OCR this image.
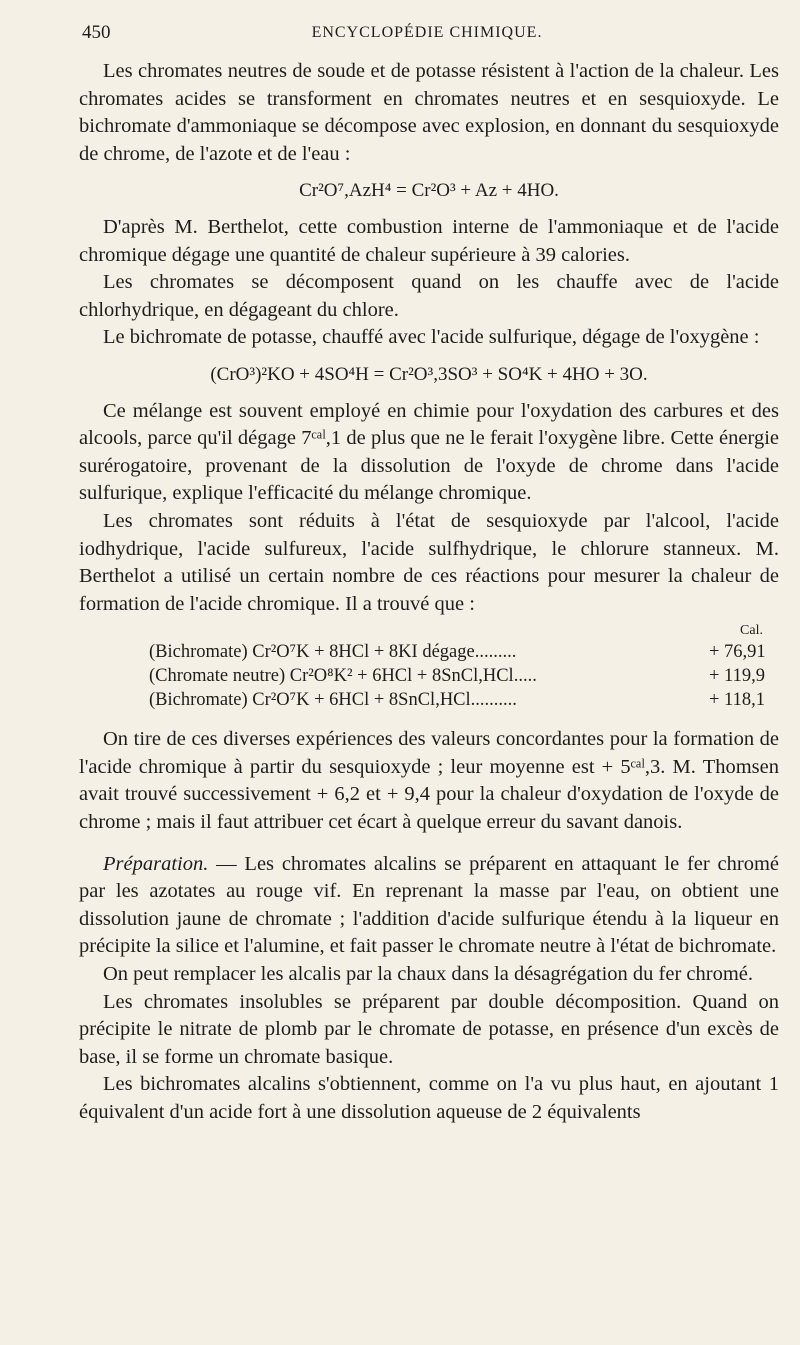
450	ENCYCLOPÉDIE CHIMIQUE.

Les chromates neutres de soude et de potasse résistent à l'action de la chaleur. Les chromates acides se transforment en chromates neutres et en sesquioxyde. Le bichromate d'ammoniaque se décompose avec explosion, en donnant du sesquioxyde de chrome, de l'azote et de l'eau :

Cr²O⁷,AzH⁴ = Cr²O³ + Az + 4HO.

D'après M. Berthelot, cette combustion interne de l'ammoniaque et de l'acide chromique dégage une quantité de chaleur supérieure à 39 calories.

Les chromates se décomposent quand on les chauffe avec de l'acide chlorhydrique, en dégageant du chlore.

Le bichromate de potasse, chauffé avec l'acide sulfurique, dégage de l'oxygène :

(CrO³)²KO + 4SO⁴H = Cr²O³,3SO³ + SO⁴K + 4HO + 3O.

Ce mélange est souvent employé en chimie pour l'oxydation des carbures et des alcools, parce qu'il dégage 7ᶜᵃˡ,1 de plus que ne le ferait l'oxygène libre. Cette énergie surérogatoire, provenant de la dissolution de l'oxyde de chrome dans l'acide sulfurique, explique l'efficacité du mélange chromique.

Les chromates sont réduits à l'état de sesquioxyde par l'alcool, l'acide iodhydrique, l'acide sulfureux, l'acide sulfhydrique, le chlorure stanneux. M. Berthelot a utilisé un certain nombre de ces réactions pour mesurer la chaleur de formation de l'acide chromique. Il a trouvé que :

Cal.
(Bichromate) Cr²O⁷K + 8HCl + 8KI dégage.........	+ 76,91
(Chromate neutre) Cr²O⁸K² + 6HCl + 8SnCl,HCl.....	+ 119,9
(Bichromate) Cr²O⁷K + 6HCl + 8SnCl,HCl..........	+ 118,1

On tire de ces diverses expériences des valeurs concordantes pour la formation de l'acide chromique à partir du sesquioxyde ; leur moyenne est + 5ᶜᵃˡ,3. M. Thomsen avait trouvé successivement + 6,2 et + 9,4 pour la chaleur d'oxydation de l'oxyde de chrome ; mais il faut attribuer cet écart à quelque erreur du savant danois.

Préparation. — Les chromates alcalins se préparent en attaquant le fer chromé par les azotates au rouge vif. En reprenant la masse par l'eau, on obtient une dissolution jaune de chromate ; l'addition d'acide sulfurique étendu à la liqueur en précipite la silice et l'alumine, et fait passer le chromate neutre à l'état de bichromate.

On peut remplacer les alcalis par la chaux dans la désagrégation du fer chromé.

Les chromates insolubles se préparent par double décomposition. Quand on précipite le nitrate de plomb par le chromate de potasse, en présence d'un excès de base, il se forme un chromate basique.

Les bichromates alcalins s'obtiennent, comme on l'a vu plus haut, en ajoutant 1 équivalent d'un acide fort à une dissolution aqueuse de 2 équivalents
